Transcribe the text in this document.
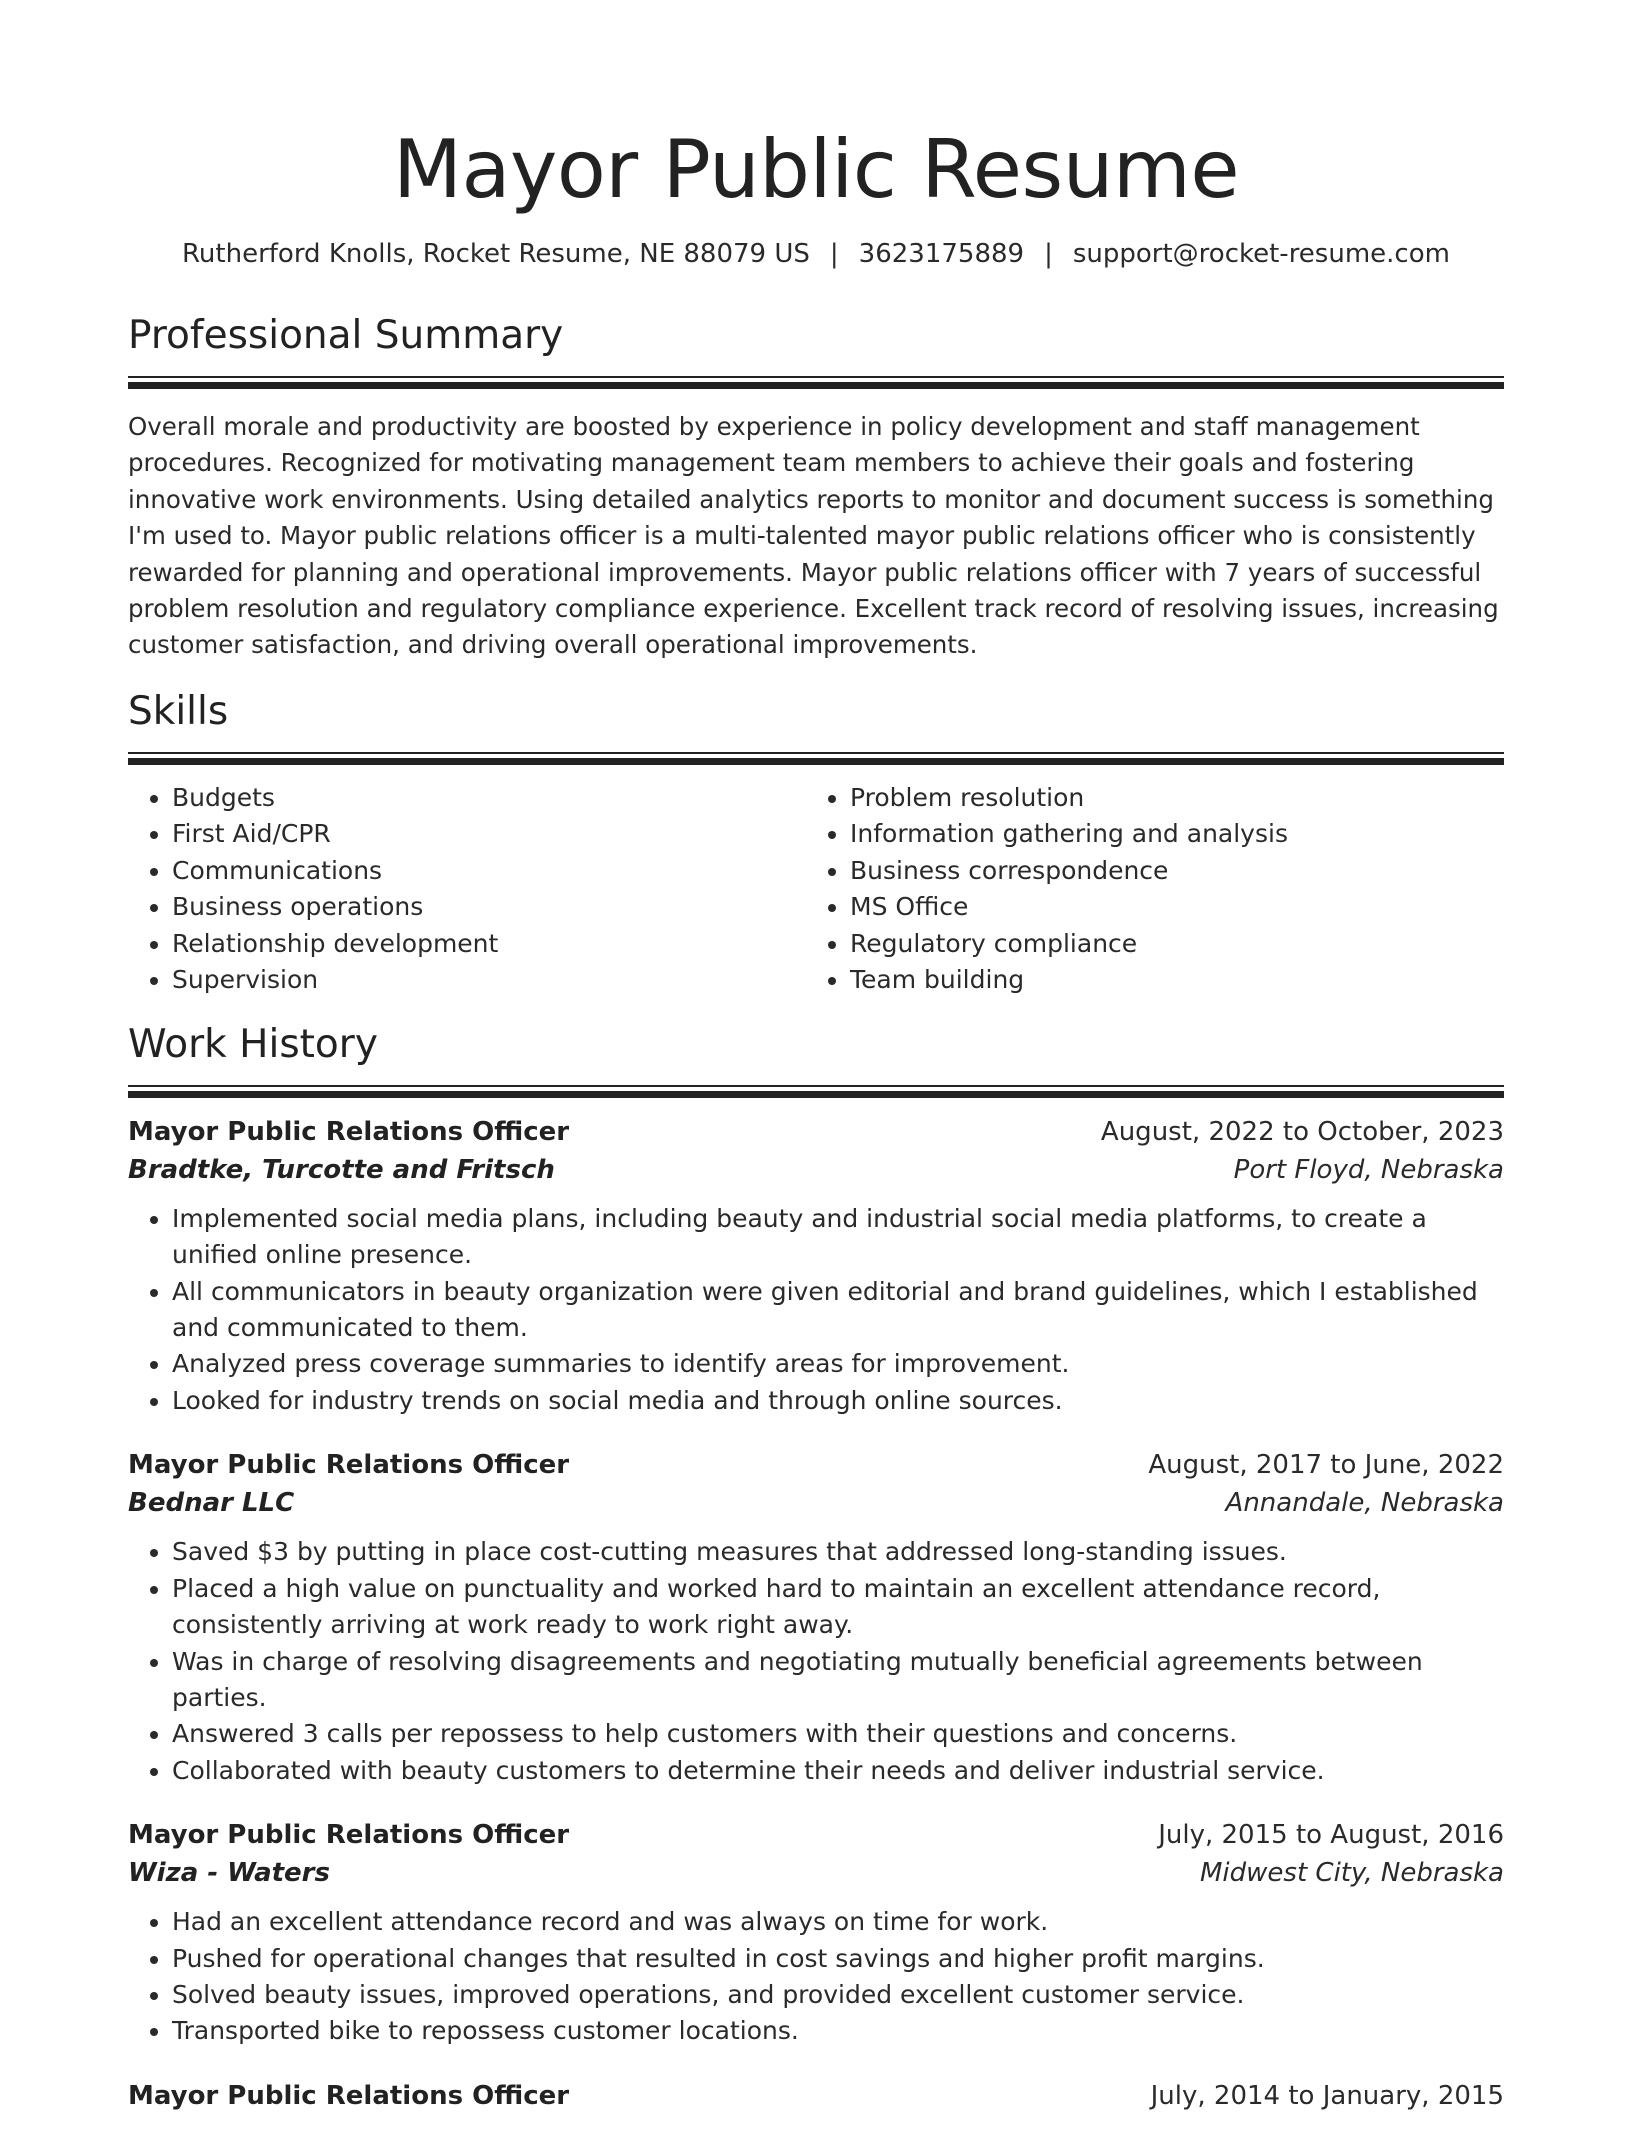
Mayor Public Resume
Rutherford Knolls, Rocket Resume, NE 88079 US | 3623175889 | support@rocket-resume.com
Professional Summary

Overall morale and productivity are boosted by experience in policy development and staff management procedures. Recognized for motivating management team members to achieve their goals and fostering innovative work environments. Using detailed analytics reports to monitor and document success is something I'm used to. Mayor public relations officer is a multi-talented mayor public relations officer who is consistently rewarded for planning and operational improvements. Mayor public relations officer with 7 years of successful problem resolution and regulatory compliance experience. Excellent track record of resolving issues, increasing customer satisfaction, and driving overall operational improvements.

Skills
• Budgets
• First Aid/CPR
• Communications
• Business operations
• Relationship development
• Supervision
• Problem resolution
• Information gathering and analysis
• Business correspondence
• MS Office
• Regulatory compliance
• Team building
Work History
Mayor Public Relations Officer	August, 2022 to October, 2023
Bradtke, Turcotte and Fritsch	Port Floyd, Nebraska
• Implemented social media plans, including beauty and industrial social media platforms, to create a unified online presence.
• All communicators in beauty organization were given editorial and brand guidelines, which I established and communicated to them.
• Analyzed press coverage summaries to identify areas for improvement.
• Looked for industry trends on social media and through online sources.
Mayor Public Relations Officer	August, 2017 to June, 2022
Bednar LLC	Annandale, Nebraska
• Saved $3 by putting in place cost-cutting measures that addressed long-standing issues.
• Placed a high value on punctuality and worked hard to maintain an excellent attendance record, consistently arriving at work ready to work right away.
• Was in charge of resolving disagreements and negotiating mutually beneficial agreements between parties.
• Answered 3 calls per repossess to help customers with their questions and concerns.
• Collaborated with beauty customers to determine their needs and deliver industrial service.
Mayor Public Relations Officer	July, 2015 to August, 2016
Wiza - Waters	Midwest City, Nebraska
• Had an excellent attendance record and was always on time for work.
• Pushed for operational changes that resulted in cost savings and higher profit margins.
• Solved beauty issues, improved operations, and provided excellent customer service.
• Transported bike to repossess customer locations.
Mayor Public Relations Officer	July, 2014 to January, 2015
